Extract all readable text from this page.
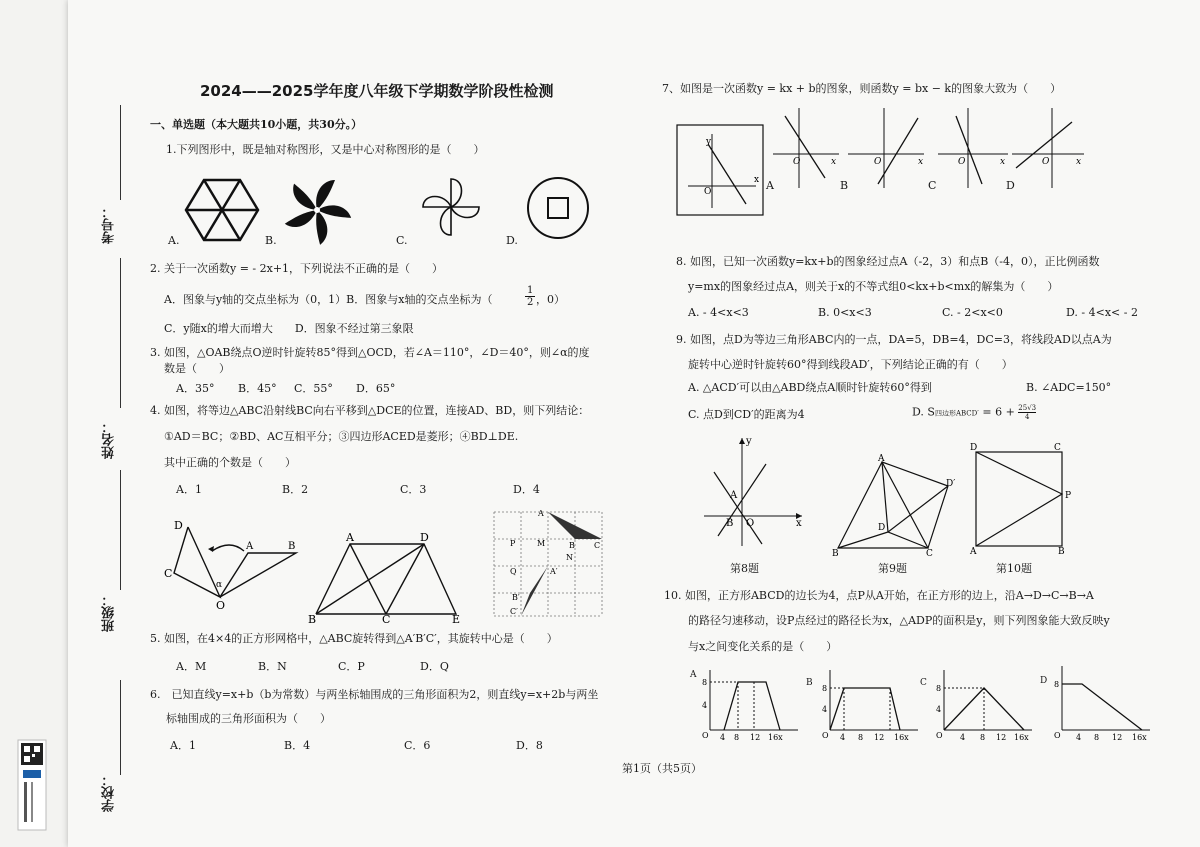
考号：
姓名：
班级：
学校：
2024——2025学年度八年级下学期数学阶段性检测
一、单选题（本大题共10小题，共30分。）
1.下列图形中，既是轴对称图形，又是中心对称图形的是（　　）
A.	B.	C.	D.
2. 关于一次函数y = - 2x+1，下列说法不正确的是（　　）
A．图象与y轴的交点坐标为（0，1）B．图象与x轴的交点坐标为（	$\frac{1}{2}$ ，0）
C．y随x的增大而增大　　D．图象不经过第三象限
3. 如图，△OAB绕点O逆时针旋转85°得到△OCD，若∠A＝110°，∠D＝40°，则∠α的度
数是（　　）
A．35° B．45° C．55° D．65°
4. 如图，将等边△ABC沿射线BC向右平移到△DCE的位置，连接AD、BD，则下列结论：
①AD＝BC；②BD、AC互相平分；③四边形ACED是菱形；④BD⊥DE.
其中正确的个数是（　　）
A．1	B．2	C．3	D．4
D
A	B
C
α
O
A	D
B	C	E
A
B C
P	M
N
Q	A′
B′
C′
5. 如图，在4×4的正方形网格中，△ABC旋转得到△A′B′C′，其旋转中心是（　　）
A．M	B．N	C．P	D．Q
6.　已知直线y=x+b（b为常数）与两坐标轴围成的三角形面积为2，则直线y=x+2b与两坐
标轴围成的三角形面积为（　　）
A．1	B．4	C．6	D．8
第1页（共5页）
7、如图是一次函数y = kx + b的图象，则函数y = bx − k的图象大致为（　　）
y
x
O
O	x
A
O	x
B
O	x
C
O	x
D
8. 如图，已知一次函数y=kx+b的图象经过点A（-2，3）和点B（-4，0），正比例函数
y=mx的图象经过点A，则关于x的不等式组0<kx+b<mx的解集为（　　）
A. - 4<x<3	B. 0<x<3	C. - 2<x<0	D. - 4<x< - 2
9. 如图，点D为等边三角形ABC内的一点，DA=5，DB=4，DC=3，将线段AD以点A为
旋转中心逆时针旋转60°得到线段AD′，下列结论正确的有（　　）
A. △ACD′可以由△ABD绕点A顺时针旋转60°得到	B. ∠ADC=150°
C. 点D到CD′的距离为4	D. S四边形ABCD′ = $6 + \frac{25√3}{4}$
y
x
A
B O
第8题
A
D
D′
B	C
第9题
D	C
P
A	B
第10题
10. 如图，正方形ABCD的边长为4，点P从A开始，在正方形的边上，沿A→D→C→B→A
的路径匀速移动，设P点经过的路径长为x，△ADP的面积是y，则下列图象能大致反映y
与x之间变化关系的是（　　）
8
4
O 4 8 12 16x
A
8
4
O 4 8 12 16x
B
8
4
O 4 8 12 16x
C	8
O 4 8 12 16x
D
